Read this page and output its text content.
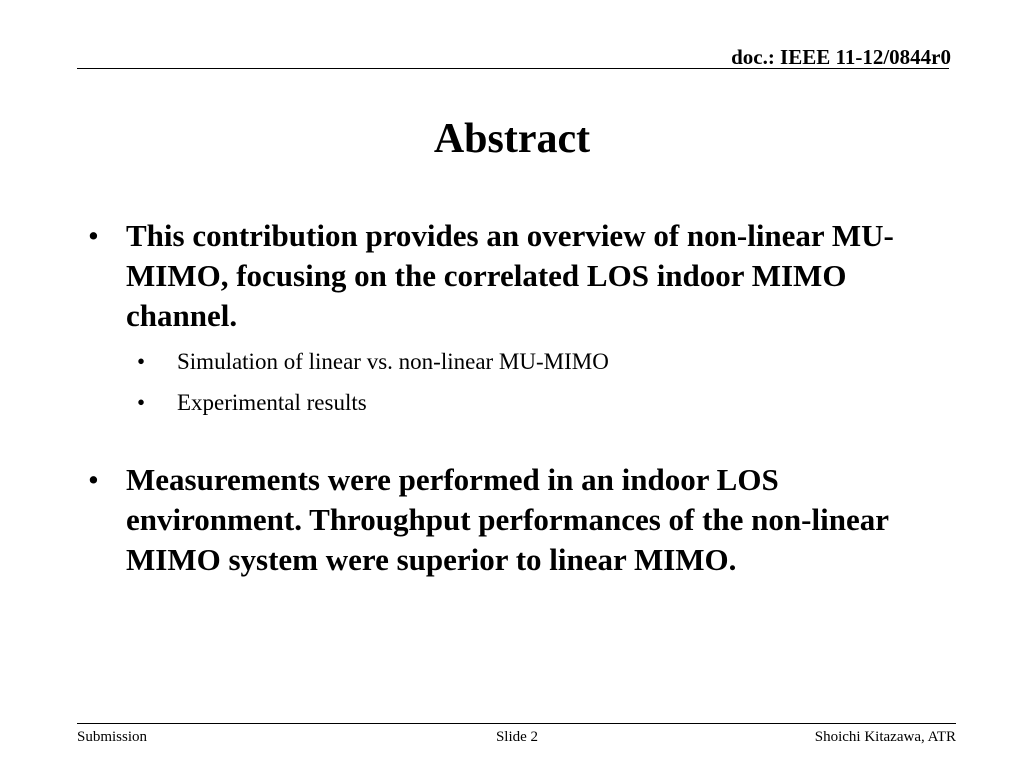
doc.: IEEE 11-12/0844r0
Abstract

• This contribution provides an overview of non-linear MU-MIMO, focusing on the correlated LOS indoor MIMO channel.

•	Simulation of linear vs. non-linear MU-MIMO

•	Experimental results

• Measurements were performed in an indoor LOS environment. Throughput performances of the non-linear MIMO system were superior to linear MIMO.

Submission	Slide 2	Shoichi Kitazawa, ATR
